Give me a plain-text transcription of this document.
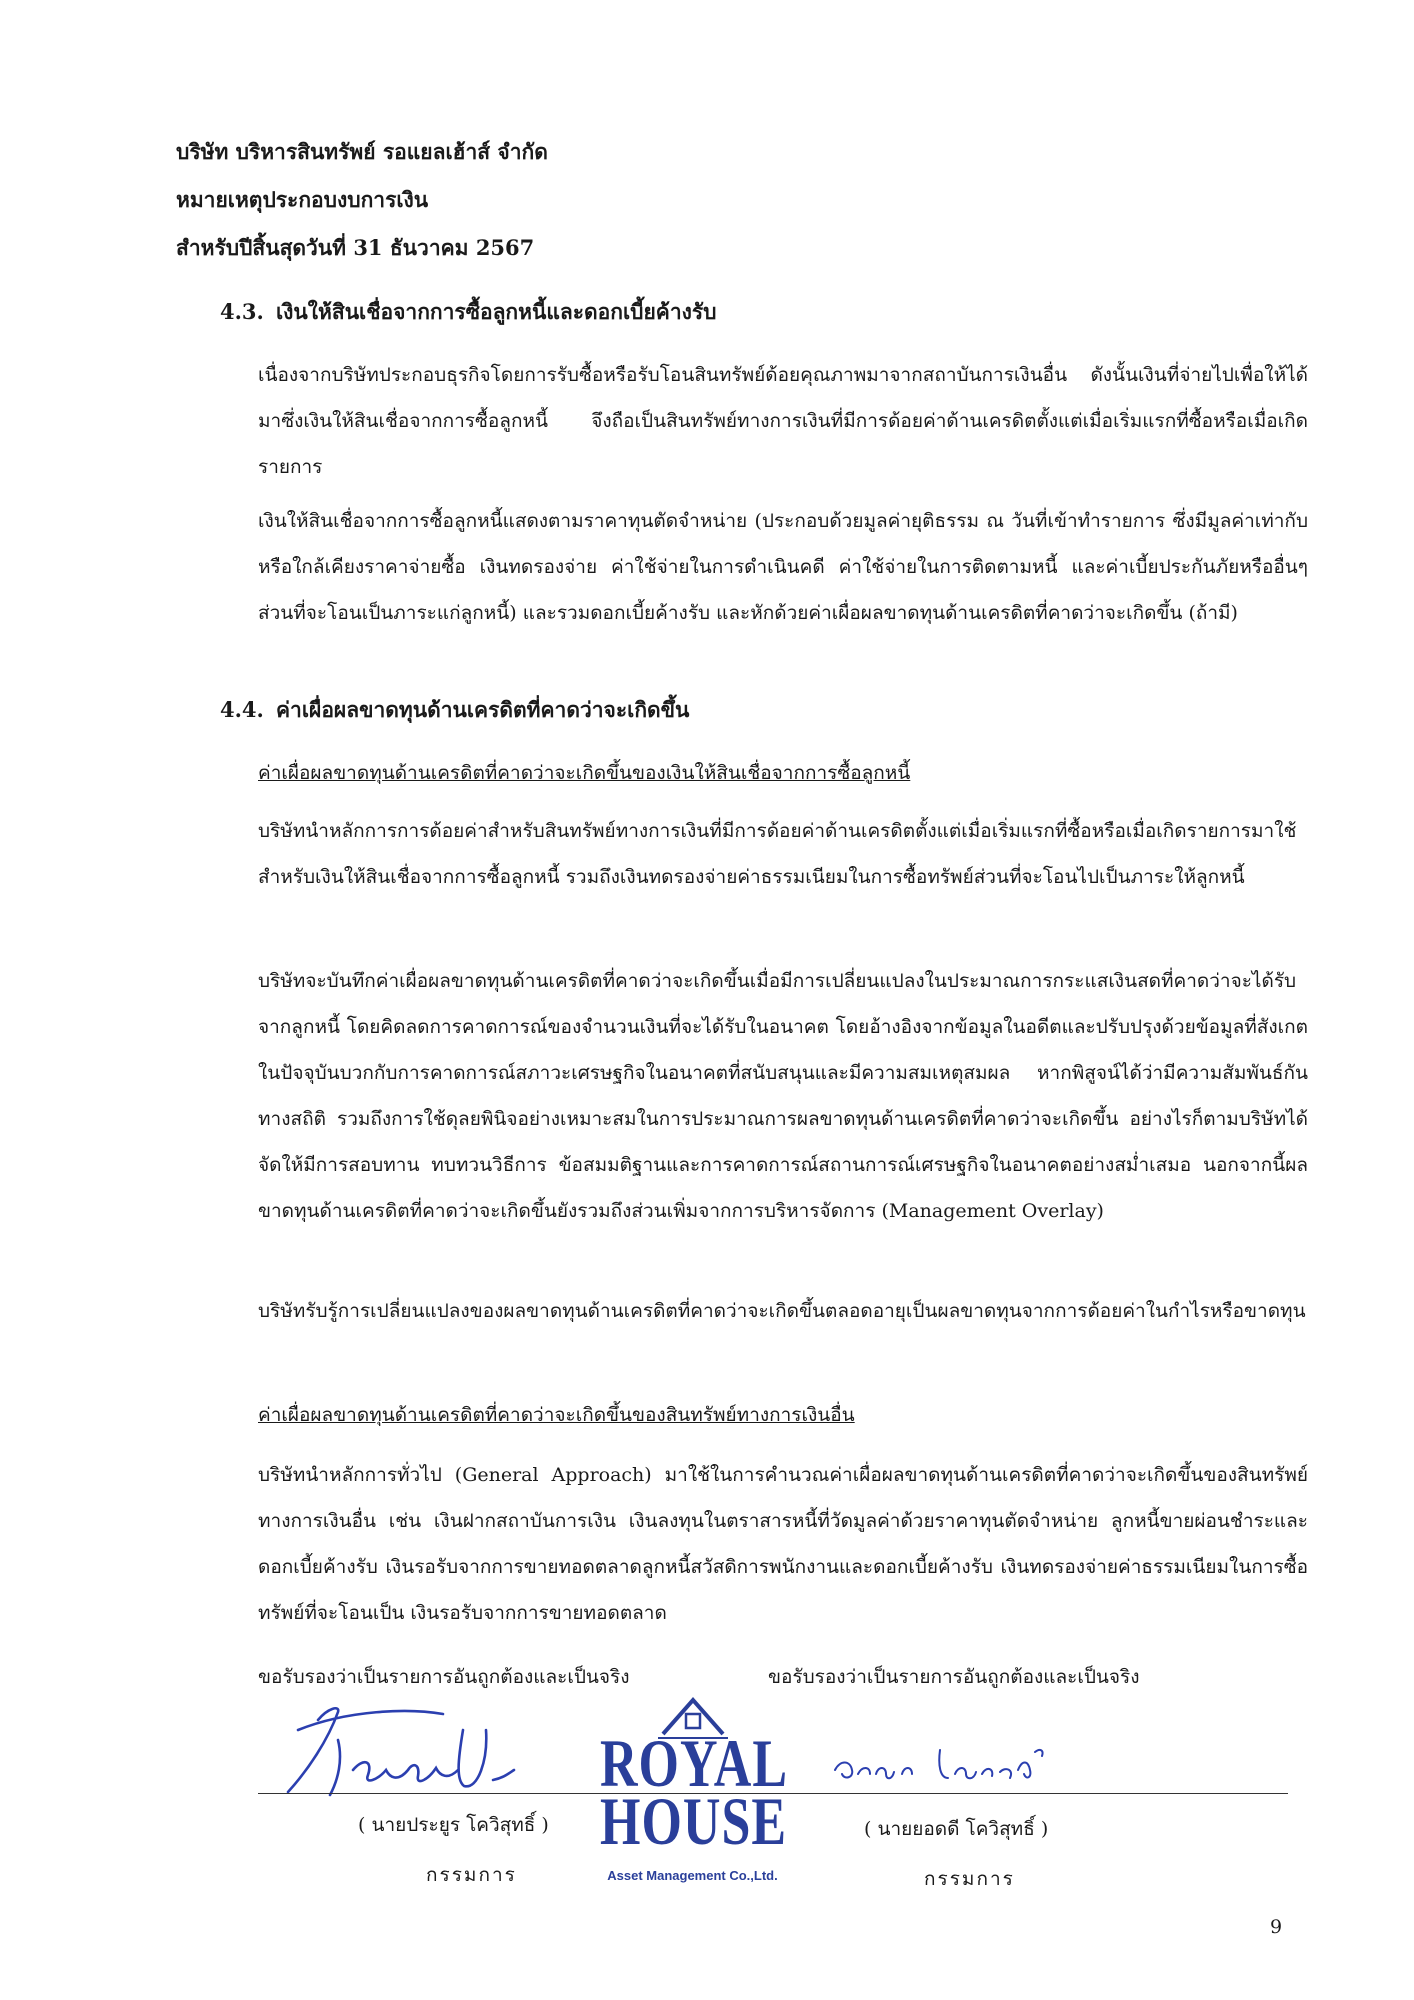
บริษัท บริหารสินทรัพย์ รอแยลเฮ้าส์ จำกัด
หมายเหตุประกอบงบการเงิน
สำหรับปีสิ้นสุดวันที่ 31 ธันวาคม 2567
4.3. เงินให้สินเชื่อจากการซื้อลูกหนี้และดอกเบี้ยค้างรับ

เนื่องจากบริษัทประกอบธุรกิจโดยการรับซื้อหรือรับโอนสินทรัพย์ด้อยคุณภาพมาจากสถาบันการเงินอื่น ดังนั้นเงินที่จ่ายไปเพื่อให้ได้มาซึ่งเงินให้สินเชื่อจากการซื้อลูกหนี้ จึงถือเป็นสินทรัพย์ทางการเงินที่มีการด้อยค่าด้านเครดิตตั้งแต่เมื่อเริ่มแรกที่ซื้อหรือเมื่อเกิดรายการ

เงินให้สินเชื่อจากการซื้อลูกหนี้แสดงตามราคาทุนตัดจำหน่าย (ประกอบด้วยมูลค่ายุติธรรม ณ วันที่เข้าทำรายการ ซึ่งมีมูลค่าเท่ากับหรือใกล้เคียงราคาจ่ายซื้อ เงินทดรองจ่าย ค่าใช้จ่ายในการดำเนินคดี ค่าใช้จ่ายในการติดตามหนี้ และค่าเบี้ยประกันภัยหรืออื่นๆ ส่วนที่จะโอนเป็นภาระแก่ลูกหนี้) และรวมดอกเบี้ยค้างรับ และหักด้วยค่าเผื่อผลขาดทุนด้านเครดิตที่คาดว่าจะเกิดขึ้น (ถ้ามี)

4.4. ค่าเผื่อผลขาดทุนด้านเครดิตที่คาดว่าจะเกิดขึ้น
ค่าเผื่อผลขาดทุนด้านเครดิตที่คาดว่าจะเกิดขึ้นของเงินให้สินเชื่อจากการซื้อลูกหนี้

บริษัทนำหลักการการด้อยค่าสำหรับสินทรัพย์ทางการเงินที่มีการด้อยค่าด้านเครดิตตั้งแต่เมื่อเริ่มแรกที่ซื้อหรือเมื่อเกิดรายการมาใช้สำหรับเงินให้สินเชื่อจากการซื้อลูกหนี้ รวมถึงเงินทดรองจ่ายค่าธรรมเนียมในการซื้อทรัพย์ส่วนที่จะโอนไปเป็นภาระให้ลูกหนี้

บริษัทจะบันทึกค่าเผื่อผลขาดทุนด้านเครดิตที่คาดว่าจะเกิดขึ้นเมื่อมีการเปลี่ยนแปลงในประมาณการกระแสเงินสดที่คาดว่าจะได้รับจากลูกหนี้ โดยคิดลดการคาดการณ์ของจำนวนเงินที่จะได้รับในอนาคต โดยอ้างอิงจากข้อมูลในอดีตและปรับปรุงด้วยข้อมูลที่สังเกตในปัจจุบันบวกกับการคาดการณ์สภาวะเศรษฐกิจในอนาคตที่สนับสนุนและมีความสมเหตุสมผล หากพิสูจน์ได้ว่ามีความสัมพันธ์กันทางสถิติ รวมถึงการใช้ดุลยพินิจอย่างเหมาะสมในการประมาณการผลขาดทุนด้านเครดิตที่คาดว่าจะเกิดขึ้น อย่างไรก็ตามบริษัทได้จัดให้มีการสอบทาน ทบทวนวิธีการ ข้อสมมติฐานและการคาดการณ์สถานการณ์เศรษฐกิจในอนาคตอย่างสม่ำเสมอ นอกจากนี้ผลขาดทุนด้านเครดิตที่คาดว่าจะเกิดขึ้นยังรวมถึงส่วนเพิ่มจากการบริหารจัดการ (Management Overlay)

บริษัทรับรู้การเปลี่ยนแปลงของผลขาดทุนด้านเครดิตที่คาดว่าจะเกิดขึ้นตลอดอายุเป็นผลขาดทุนจากการด้อยค่าในกำไรหรือขาดทุน

ค่าเผื่อผลขาดทุนด้านเครดิตที่คาดว่าจะเกิดขึ้นของสินทรัพย์ทางการเงินอื่น

บริษัทนำหลักการทั่วไป (General Approach) มาใช้ในการคำนวณค่าเผื่อผลขาดทุนด้านเครดิตที่คาดว่าจะเกิดขึ้นของสินทรัพย์ทางการเงินอื่น เช่น เงินฝากสถาบันการเงิน เงินลงทุนในตราสารหนี้ที่วัดมูลค่าด้วยราคาทุนตัดจำหน่าย ลูกหนี้ขายผ่อนชำระและดอกเบี้ยค้างรับ เงินรอรับจากการขายทอดตลาดลูกหนี้สวัสดิการพนักงานและดอกเบี้ยค้างรับ เงินทดรองจ่ายค่าธรรมเนียมในการซื้อทรัพย์ที่จะโอนเป็น เงินรอรับจากการขายทอดตลาด

ขอรับรองว่าเป็นรายการอันถูกต้องและเป็นจริง	ขอรับรองว่าเป็นรายการอันถูกต้องและเป็นจริง
( นายประยูร โควิสุทธิ์ )
กรรมการ
( นายยอดดี โควิสุทธิ์ )
กรรมการ
ROYAL
HOUSE
Asset Management Co.,Ltd.
9
